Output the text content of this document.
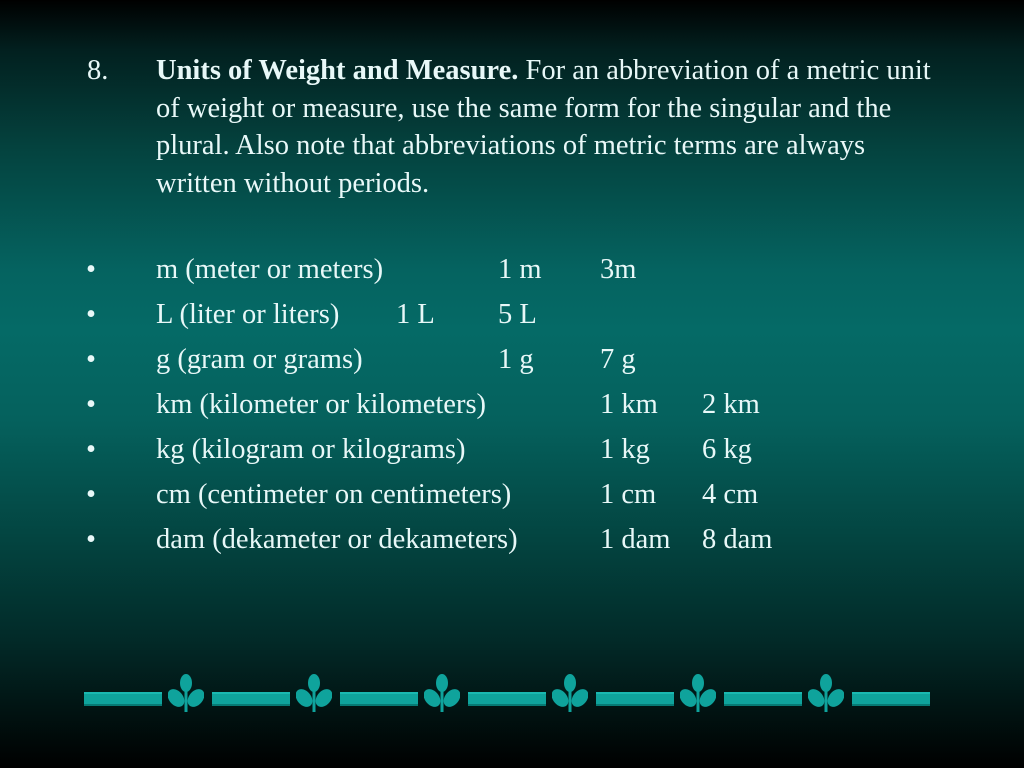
8. Units of Weight and Measure. For an abbreviation of a metric unit of weight or measure, use the same form for the singular and the plural. Also note that abbreviations of metric terms are always written without periods.
• m (meter or meters)	1 m 3m
• L (liter or liters) 1 L 5 L
• g (gram or grams)	1 g 7 g
• km (kilometer or kilometers)	1 km 2 km
• kg (kilogram or kilograms)	1 kg 6 kg
• cm (centimeter on centimeters)	1 cm 4 cm
• dam (dekameter or dekameters)	1 dam 8 dam
